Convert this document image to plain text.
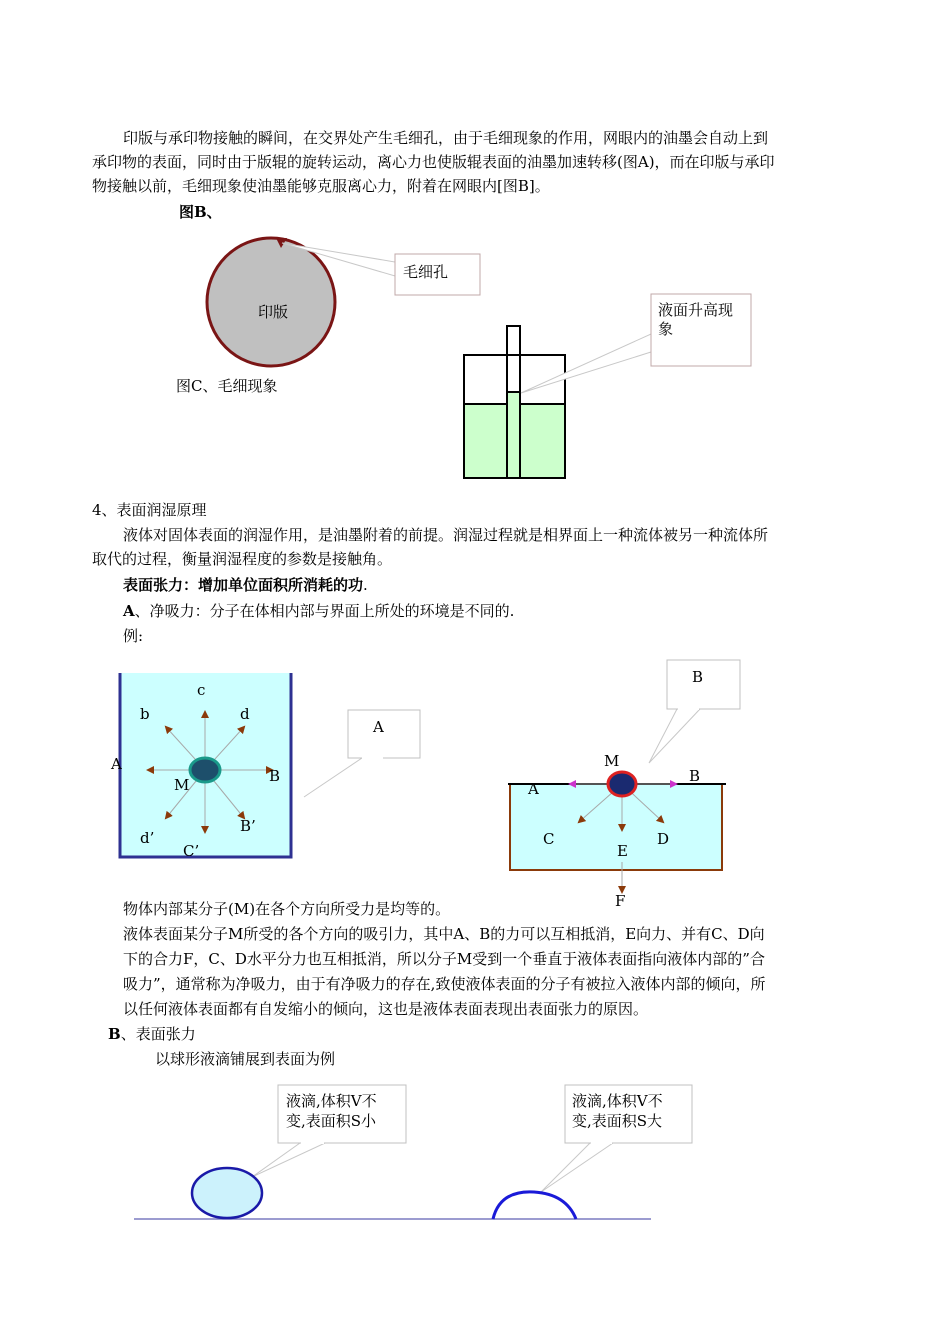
印版与承印物接触的瞬间，在交界处产生毛细孔，由于毛细现象的作用，网眼内的油墨会自动上到
承印物的表面，同时由于版辊的旋转运动，离心力也使版辊表面的油墨加速转移(图A)，而在印版与承印
物接触以前，毛细现象使油墨能够克服离心力，附着在网眼内[图B]。
图B、
印版
毛细孔
液面升高现
象
图C、毛细现象
4、表面润湿原理
液体对固体表面的润湿作用，是油墨附着的前提。润湿过程就是相界面上一种流体被另一种流体所
取代的过程，衡量润湿程度的参数是接触角。
表面张力：增加单位面积所消耗的功.
A、净吸力：分子在体相内部与界面上所处的环境是不同的.
例:
c
b	d
A
M	B
d’
B’
C’
A
M
A
B
C	D
E
F
B
物体内部某分子(M)在各个方向所受力是均等的。
液体表面某分子M所受的各个方向的吸引力，其中A、B的力可以互相抵消，E向力、并有C、D向
下的合力F，C、D水平分力也互相抵消，所以分子M受到一个垂直于液体表面指向液体内部的”合
吸力”，通常称为净吸力，由于有净吸力的存在,致使液体表面的分子有被拉入液体内部的倾向，所
以任何液体表面都有自发缩小的倾向，这也是液体表面表现出表面张力的原因。
B、表面张力
以球形液滴铺展到表面为例
液滴,体积V不
变,表面积S小
液滴,体积V不
变,表面积S大
